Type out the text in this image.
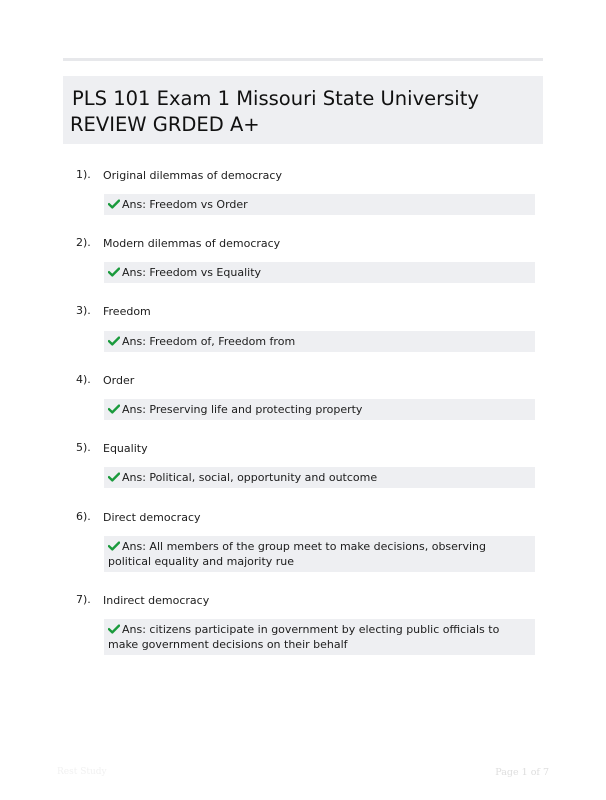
PLS 101 Exam 1 Missouri State University
REVIEW GRDED A+
1). Original dilemmas of democracy
Ans: Freedom vs Order
2). Modern dilemmas of democracy
Ans: Freedom vs Equality
3). Freedom
Ans: Freedom of, Freedom from
4). Order
Ans: Preserving life and protecting property
5). Equality
Ans: Political, social, opportunity and outcome
6). Direct democracy
Ans: All members of the group meet to make decisions, observing political equality and majority rue
7). Indirect democracy
Ans: citizens participate in government by electing public officials to make government decisions on their behalf
Rest Study	Page 1 of 7
